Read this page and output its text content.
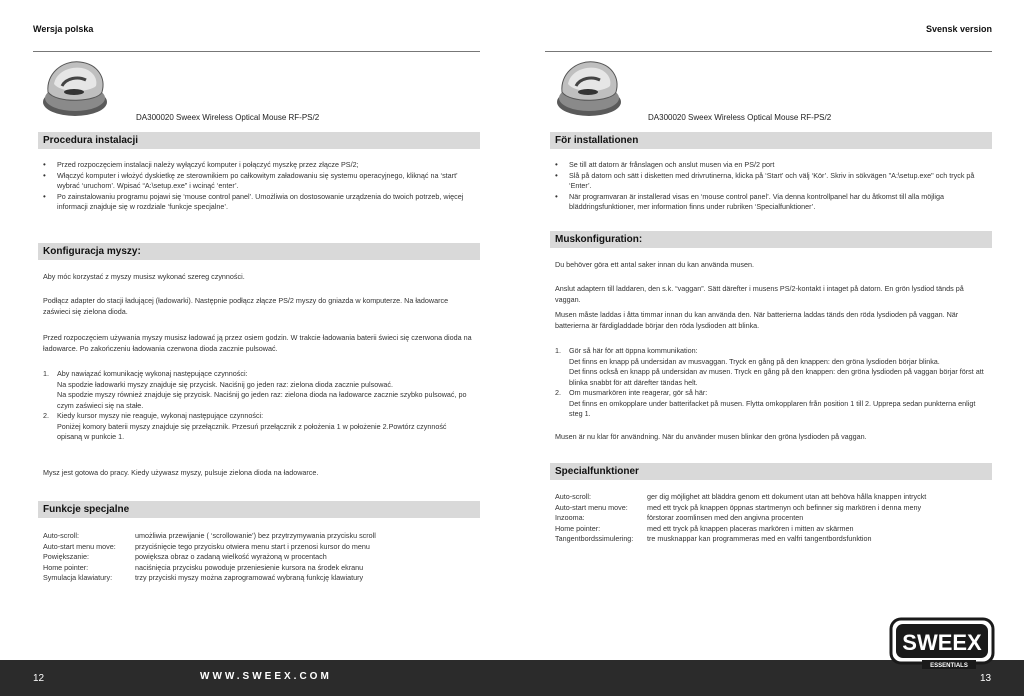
Wersja polska
DA300020 Sweex Wireless Optical Mouse RF-PS/2
Procedura instalacji
• Przed rozpoczęciem instalacji należy wyłączyć komputer i połączyć myszkę przez złącze PS/2;
• Włączyć komputer i włożyć dyskietkę ze sterownikiem po całkowitym załadowaniu się systemu operacyjnego, kliknąć na ‘start’ wybrać ‘uruchom’. Wpisać “A:\setup.exe” i wcinąć ‘enter’.
• Po zainstalowaniu programu pojawi się ‘mouse control panel’. Umożliwia on dostosowanie urządzenia do twoich potrzeb, więcej informacji znajduje się w rozdziale ‘funkcje specjalne’.
Konfiguracja myszy:
Aby móc korzystać z myszy musisz wykonać szereg czynności.
Podłącz adapter do stacji ładującej (ładowarki). Następnie podłącz złącze PS/2 myszy do gniazda w komputerze. Na ładowarce zaświeci się zielona dioda.
Przed rozpoczęciem używania myszy musisz ładować ją przez osiem godzin. W trakcie ładowania baterii świeci się czerwona dioda na ładowarce. Po zakończeniu ładowania czerwona dioda zacznie pulsować.
1. Aby nawiązać komunikację wykonaj następujące czynności:
Na spodzie ładowarki myszy znajduje się przycisk. Naciśnij go jeden raz: zielona dioda zacznie pulsować.
Na spodzie myszy również znajduje się przycisk. Naciśnij go jeden raz: zielona dioda na ładowarce zacznie szybko pulsować, po czym zaświeci się na stałe.
2. Kiedy kursor myszy nie reaguje, wykonaj następujące czynności:
Poniżej komory baterii myszy znajduje się przełącznik. Przesuń przełącznik z położenia 1 w położenie 2.Powtórz czynność opisaną w punkcie 1.
Mysz jest gotowa do pracy. Kiedy używasz myszy, pulsuje zielona dioda na ładowarce.
Funkcje specjalne
Auto-scroll:	umożliwia przewijanie ( ‘scrollowanie’) bez przytrzymywania przycisku scroll
Auto-start menu move:	przyciśnięcie tego przycisku otwiera menu start i przenosi kursor do menu
Powiększanie:	powiększa obraz o zadaną wielkość wyrażoną w procentach
Home pointer:	naciśnięcia przycisku powoduje przeniesienie kursora na środek ekranu
Symulacja klawiatury:	trzy przyciski myszy można zaprogramować wybraną funkcję klawiatury
Svensk version
DA300020 Sweex Wireless Optical Mouse RF-PS/2
För installationen
• Se till att datorn är frånslagen och anslut musen via en PS/2 port
• Slå på datorn och sätt i disketten med drivrutinerna, klicka på ‘Start’ och välj ‘Kör’. Skriv in sökvägen "A:\setup.exe" och tryck på ‘Enter’.
• När programvaran är installerad visas en ‘mouse control panel’. Via denna kontrollpanel har du åtkomst till alla möjliga bläddringsfunktioner, mer information finns under rubriken ‘Specialfunktioner’.
Muskonfiguration:
Du behöver göra ett antal saker innan du kan använda musen.
Anslut adaptern till laddaren, den s.k. “vaggan”. Sätt därefter i musens PS/2-kontakt i intaget på datorn. En grön lysdiod tänds på vaggan.
Musen måste laddas i åtta timmar innan du kan använda den. När batterierna laddas tänds den röda lysdioden på vaggan. När batterierna är färdigladdade börjar den röda lysdioden att blinka.
1. Gör så här för att öppna kommunikation:
Det finns en knapp på undersidan av musvaggan. Tryck en gång på den knappen: den gröna lysdioden börjar blinka.
Det finns också en knapp på undersidan av musen. Tryck en gång på den knappen: den gröna lysdioden på vaggan börjar först att blinka snabbt för att därefter tändas helt.
2. Om musmarkören inte reagerar, gör så här:
Det finns en omkopplare under batterifacket på musen. Flytta omkopplaren från position 1 till 2. Upprepa sedan punkterna enligt steg 1.
Musen är nu klar för användning. När du använder musen blinkar den gröna lysdioden på vaggan.
Specialfunktioner
Auto-scroll:	ger dig möjlighet att bläddra genom ett dokument utan att behöva hålla knappen intryckt
Auto-start menu move:	med ett tryck på knappen öppnas startmenyn och befinner sig markören i denna meny
Inzooma:	förstorar zoomlinsen med den angivna procenten
Home pointer:	med ett tryck på knappen placeras markören i mitten av skärmen
Tangentbordssimulering:	tre musknappar kan programmeras med en valfri tangentbordsfunktion
12	WWW.SWEEX.COM
SWEEX
ESSENTIALS
13
